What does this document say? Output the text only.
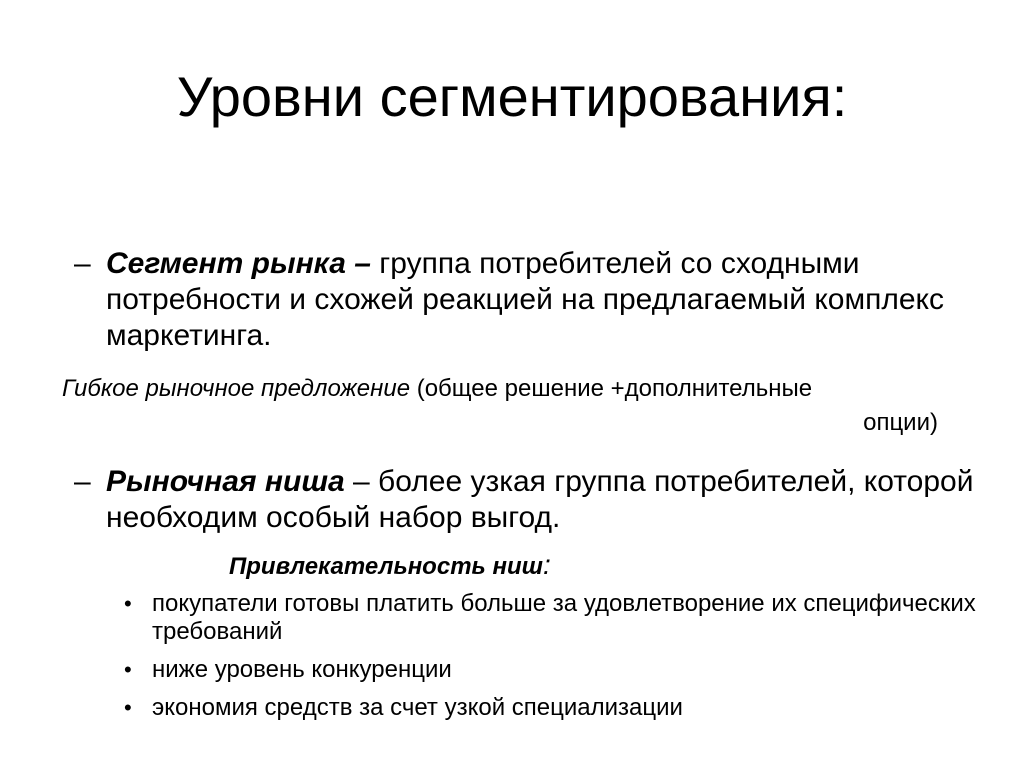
Уровни сегментирования:
– Сегмент рынка – группа потребителей со сходными потребности и схожей реакцией на предлагаемый комплекс маркетинга.
Гибкое рыночное предложение (общее решение +дополнительные
опции)
– Рыночная ниша – более узкая группа потребителей, которой необходим особый набор выгод.
Привлекательность ниш:
• покупатели готовы платить больше за удовлетворение их специфических требований
• ниже уровень конкуренции
• экономия средств за счет узкой специализации
